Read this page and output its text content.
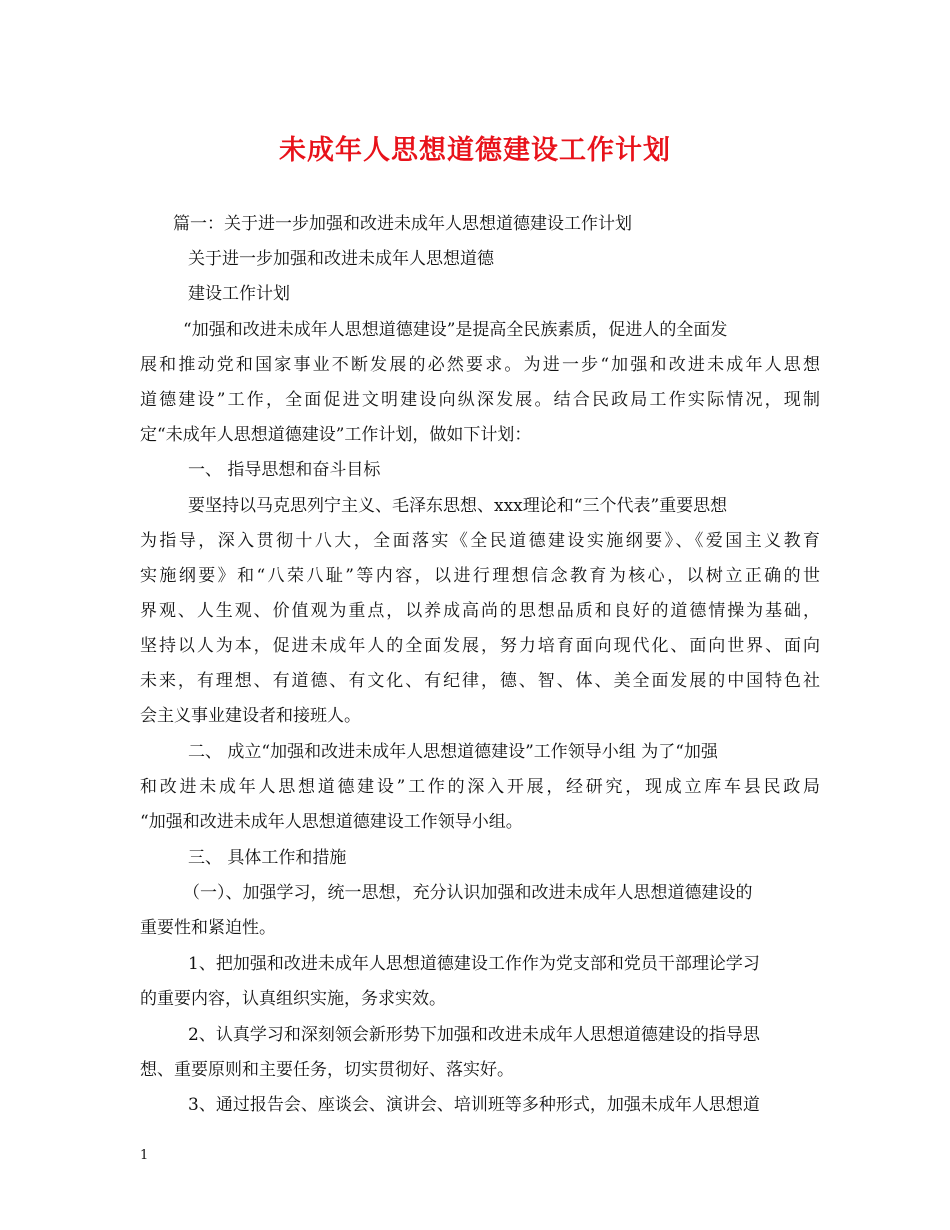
未成年人思想道德建设工作计划
篇一：关于进一步加强和改进未成年人思想道德建设工作计划
关于进一步加强和改进未成年人思想道德
建设工作计划
“加强和改进未成年人思想道德建设”是提高全民族素质，促进人的全面发
展和推动党和国家事业不断发展的必然要求。为进一步“加强和改进未成年人思想
道德建设”工作，全面促进文明建设向纵深发展。结合民政局工作实际情况，现制
定“未成年人思想道德建设”工作计划，做如下计划：
一、 指导思想和奋斗目标
要坚持以马克思列宁主义、毛泽东思想、xxx理论和“三个代表”重要思想
为指导，深入贯彻十八大，全面落实《全民道德建设实施纲要》、《爱国主义教育
实施纲要》和“八荣八耻”等内容，以进行理想信念教育为核心，以树立正确的世
界观、人生观、价值观为重点，以养成高尚的思想品质和良好的道德情操为基础，
坚持以人为本，促进未成年人的全面发展，努力培育面向现代化、面向世界、面向
未来，有理想、有道德、有文化、有纪律，德、智、体、美全面发展的中国特色社
会主义事业建设者和接班人。
二、 成立“加强和改进未成年人思想道德建设”工作领导小组 为了“加强
和改进未成年人思想道德建设”工作的深入开展，经研究，现成立库车县民政局
“加强和改进未成年人思想道德建设工作领导小组。
三、 具体工作和措施
（一）、加强学习，统一思想，充分认识加强和改进未成年人思想道德建设的
重要性和紧迫性。
1、把加强和改进未成年人思想道德建设工作作为党支部和党员干部理论学习
的重要内容，认真组织实施，务求实效。
2、认真学习和深刻领会新形势下加强和改进未成年人思想道德建设的指导思
想、重要原则和主要任务，切实贯彻好、落实好。
3、通过报告会、座谈会、演讲会、培训班等多种形式，加强未成年人思想道
1
